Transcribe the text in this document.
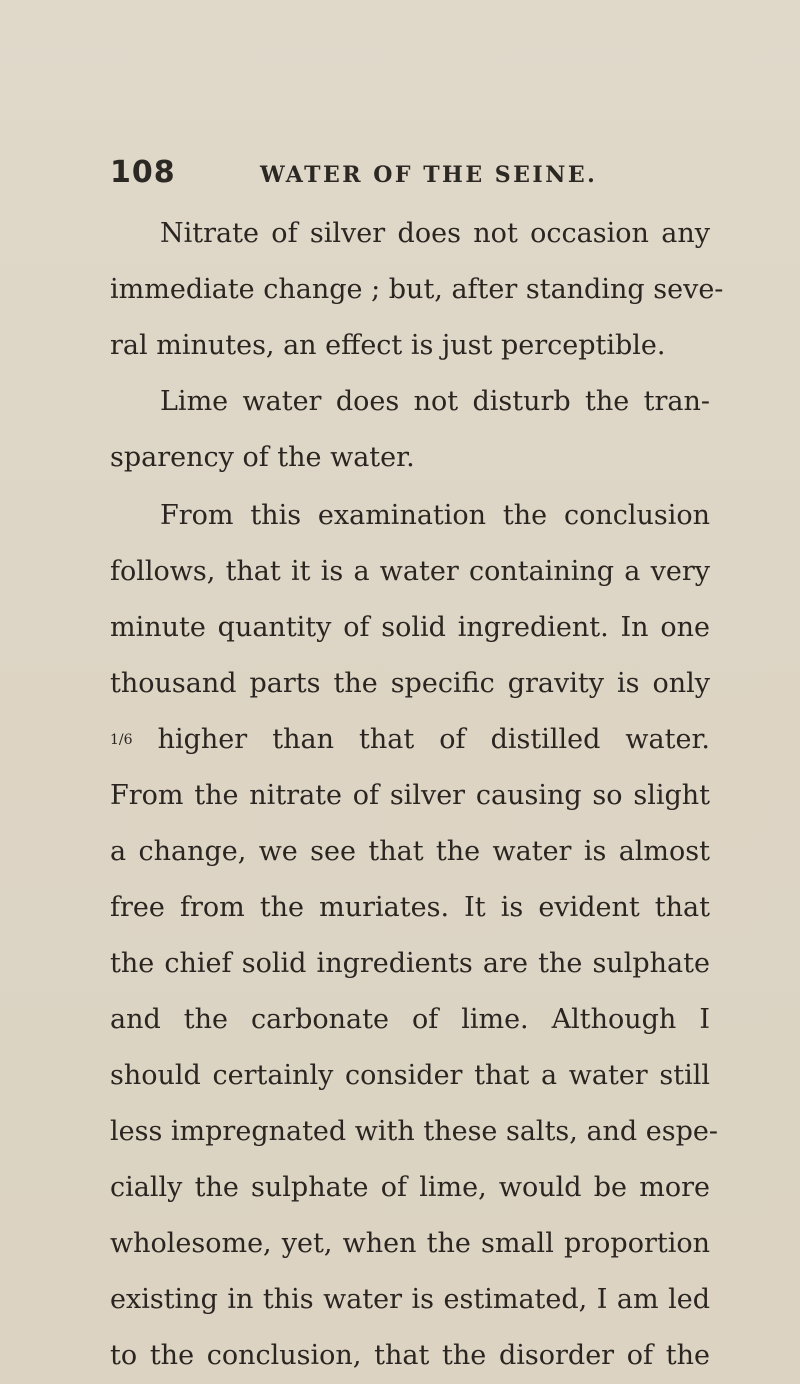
108	WATER OF THE SEINE.
Nitrate of silver does not occasion any
immediate change ; but, after standing seve-
ral minutes, an effect is just perceptible.
Lime water does not disturb the tran-
sparency of the water.
From this examination the conclusion
follows, that it is a water containing a very
minute quantity of solid ingredient. In one
thousand parts the specific gravity is only
1/6 higher than that of distilled water.
From the nitrate of silver causing so slight
a change, we see that the water is almost
free from the muriates. It is evident that
the chief solid ingredients are the sulphate
and the carbonate of lime. Although I
should certainly consider that a water still
less impregnated with these salts, and espe-
cially the sulphate of lime, would be more
wholesome, yet, when the small proportion
existing in this water is estimated, I am led
to the conclusion, that the disorder of the
